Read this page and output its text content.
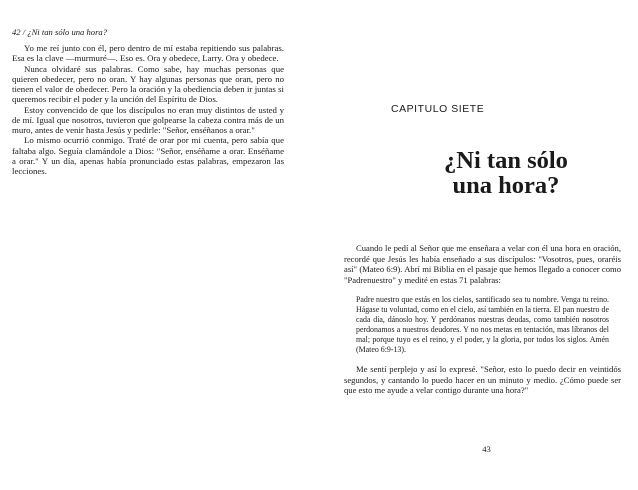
42 / ¿Ni tan sólo una hora?

Yo me reí junto con él, pero dentro de mí estaba repitiendo sus palabras. Esa es la clave —murmuré—. Eso es. Ora y obedece, Larry. Ora y obedece.

Nunca olvidaré sus palabras. Como sabe, hay muchas personas que quieren obedecer, pero no oran. Y hay algunas personas que oran, pero no tienen el valor de obedecer. Pero la oración y la obediencia deben ir juntas si queremos recibir el poder y la unción del Espíritu de Dios.

Estoy convencido de que los discípulos no eran muy distintos de usted y de mí. Igual que nosotros, tuvieron que golpearse la cabeza contra más de un muro, antes de venir hasta Jesús y pedirle: "Señor, enséñanos a orar."

Lo mismo ocurrió conmigo. Traté de orar por mi cuenta, pero sabía que faltaba algo. Seguía clamándole a Dios: "Señor, enséñame a orar. Enséñame a orar." Y un día, apenas había pronunciado estas palabras, empezaron las lecciones.

CAPITULO SIETE
¿Ni tan sólo
una hora?

Cuando le pedí al Señor que me enseñara a velar con él una hora en oración, recordé que Jesús les había enseñado a sus discípulos: "Vosotros, pues, oraréis así" (Mateo 6:9). Abrí mi Biblia en el pasaje que hemos llegado a conocer como "Padrenuestro" y medité en estas 71 palabras:

Padre nuestro que estás en los cielos, santificado sea tu nombre. Venga tu reino. Hágase tu voluntad, como en el cielo, así también en la tierra. El pan nuestro de cada día, dánoslo hoy. Y perdónanos nuestras deudas, como también nosotros perdonamos a nuestros deudores. Y no nos metas en tentación, mas líbranos del mal; porque tuyo es el reino, y el poder, y la gloria, por todos los siglos. Amén (Mateo 6:9-13).

Me sentí perplejo y así lo expresé. "Señor, esto lo puedo decir en veintidós segundos, y cantando lo puedo hacer en un minuto y medio. ¿Cómo puede ser que esto me ayude a velar contigo durante una hora?"

43
